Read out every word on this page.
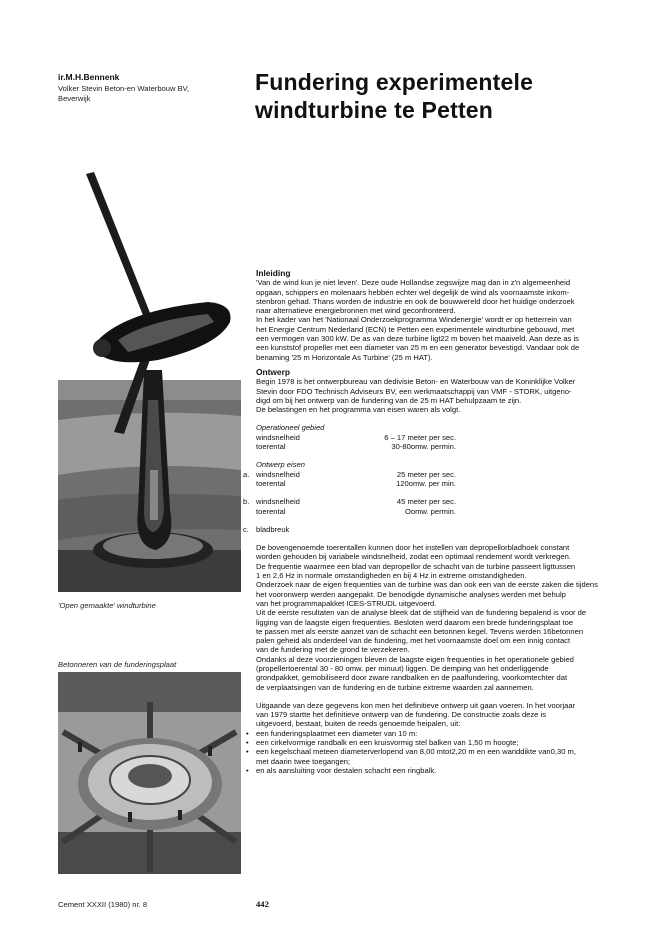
ir.M.H.Bennenk
Volker Stevin Beton-en Waterbouw BV,
Beverwijk
Fundering experimentele
windturbine te Petten
'Open gemaakte' windturbine
Betonneren van de funderingsplaat
Inleiding
'Van de wind kun je niet leven'. Deze oude Hollandse zegswijze mag dan in z'n algemeenheid
opgaan, schippers en molenaars hebben echter wel degelijk de wind als voornaamste inkom-
stenbron gehad. Thans worden de industrie en ook de bouwwereld door het huidige onderzoek
naar alternatieve energiebronnen met wind geconfronteerd.
In het kader van het 'Nationaal Onderzoekprogramma Windenergie' wordt er op hetterrein van
het Energie Centrum Nederland (ECN) te Petten een experimentele windturbine gebouwd, met
een vermogen van 300 kW. De as van deze turbine ligt22 m boven het maaiveld. Aan deze as is
een kunststof propeller met een diameter van 25 m en een generator bevestigd. Vandaar ook de
benaming '25 m Horizontale As Turbine' (25 m HAT).
Ontwerp
Begin 1978 is het ontwerpbureau van dedivisie Beton- en Waterbouw van de Koninklijke Volker
Stevin door FDO Technisch Adviseurs BV, een werkmaatschappij van VMF - STORK, uitgeno-
digd om bij het ontwerp van de fundering van de 25 m HAT behulpzaam te zijn.
De belastingen en het programma van eisen waren als volgt.
Operationeel gebied
windsnelheid	6 – 17 meter per sec.
toerental	30-80omw. permin.
Ontwerp eisen
a. windsnelheid	25 meter per sec.
toerental	120omw. per min.
b. windsnelheid	45 meter per sec.
toerental	Oomw. permin.
c. bladbreuk
De bovengenoemde toerentallen kunnen door het instellen van depropellorbladhoek constant
worden gehouden bij variabele windsnelheid, zodat een optimaal rendement wordt verkregen.
De frequentie waarmee een blad van depropellor de schacht van de turbine passeert ligttussen
1 en 2,6 Hz in normale omstandigheden en bij 4 Hz in extreme omstandigheden.
Onderzoek naar de eigen frequenties van de turbine was dan ook een van de eerste zaken die tijdens
het vooronwerp werden aangepakt. De benodigde dynamische analyses werden met behulp
van het programmapakket ICES-STRUDL uitgevoerd.
Uit de eerste resultaten van de analyse bleek dat de stijfheid van de fundering bepalend is voor de
ligging van de laagste eigen frequenties. Besloten werd daarom een brede funderingsplaat toe
te passen met als eerste aanzet van de schacht een betonnen kegel. Tevens werden 16betonnen
palen geheid als onderdeel van de fundering, met het voornaamste doel om een innig contact
van de fundering met de grond te verzekeren.
Ondanks al deze voorzieningen bleven de laagste eigen frequenties in het operationele gebied
(propellertoerental 30 - 80 omw. per minuut) liggen. De demping van het onderliggende
grondpakket, gemobiliseerd door zware randbalken en de paalfundering, voorkomtechter dat
de verplaatsingen van de fundering en de turbine extreme waarden zal aannemen.
Uitgaande van deze gegevens kon men het definitieve ontwerp uit gaan voeren. In het voorjaar
van 1979 startte het definitieve ontwerp van de fundering. De constructie zoals deze is
uitgevoerd, bestaat, buiten de reeds genoemde heipalen, uit:
• een funderingsplaatmet een diameter van 10 m:
• een cirkelvormige randbalk en een kruisvormig stel balken van 1,50 m hoogte;
• een kegelschaal meteen diameterverlopend van 8,00 mtot2,20 m en een wanddikte van0,30 m,
met daarin twee toegangen;
• en als aansluiting voor destalen schacht een ringbalk.
Cement XXXII (1980) nr. 8	442
